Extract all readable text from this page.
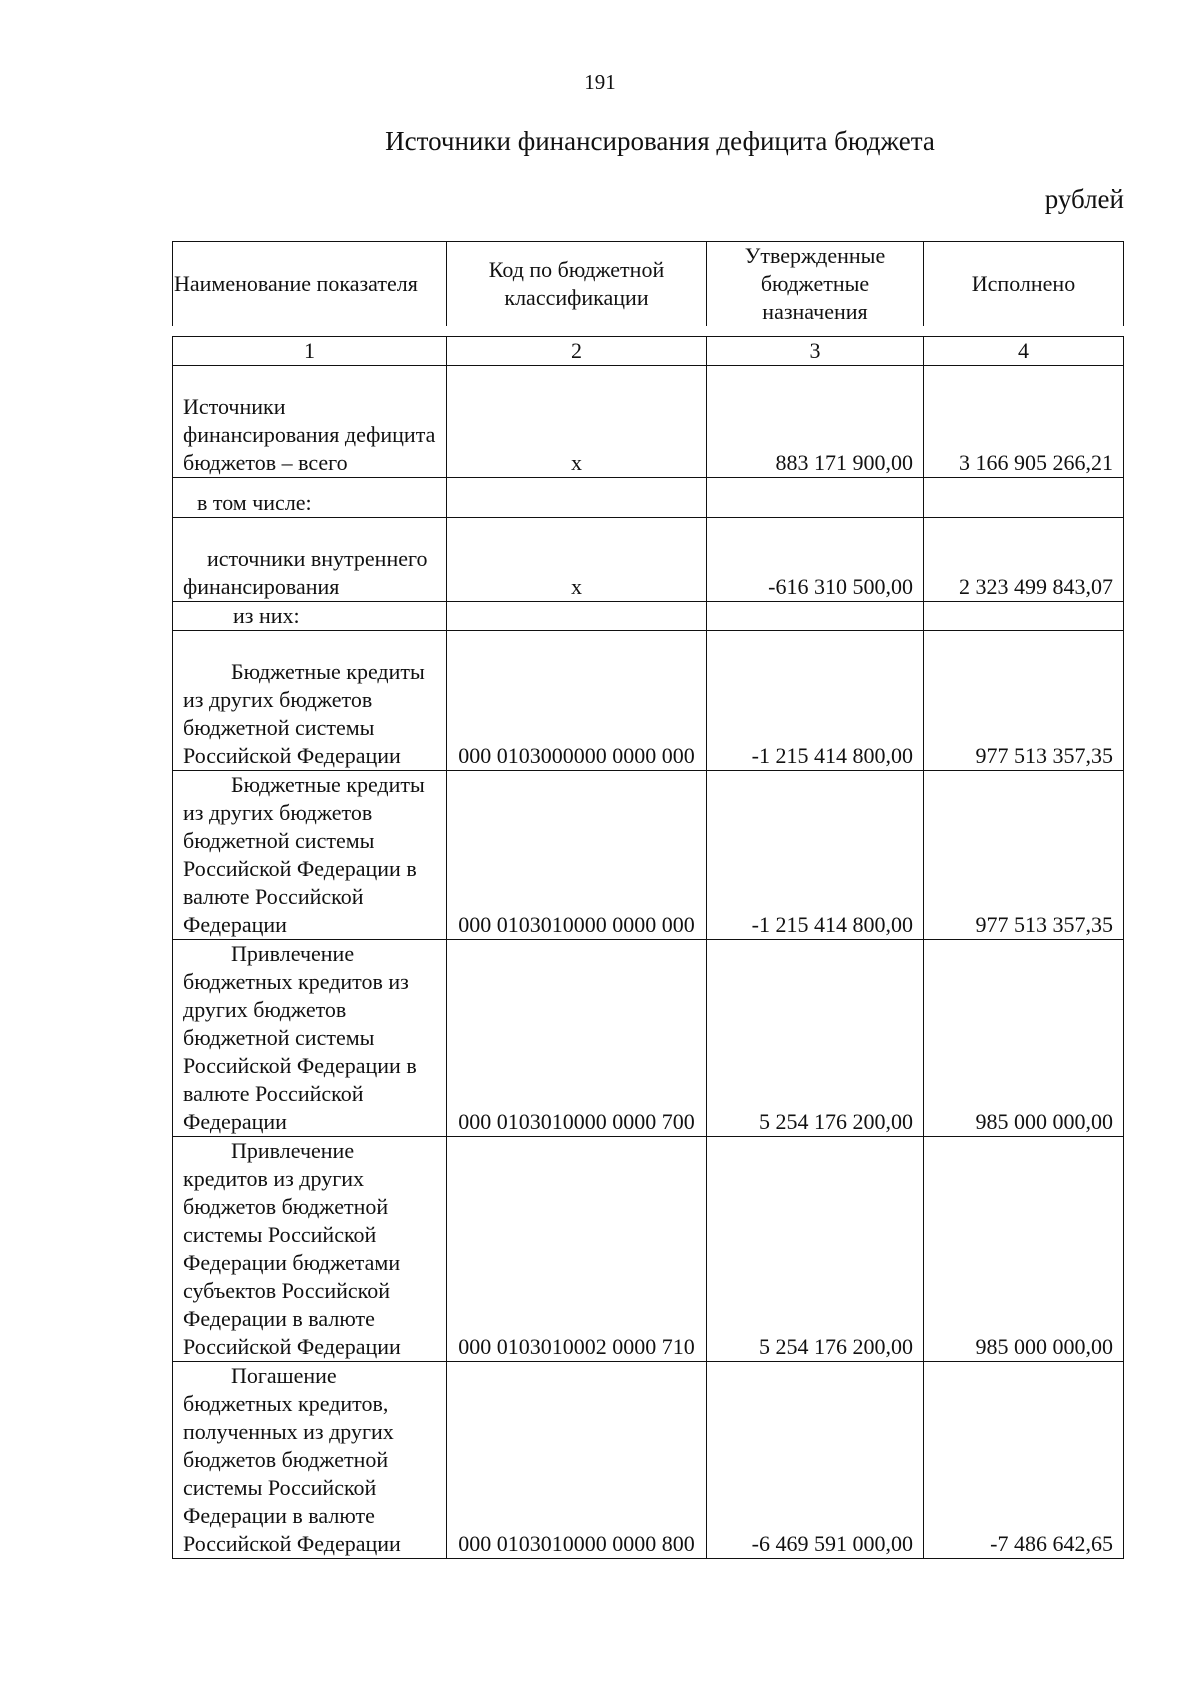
191
Источники финансирования дефицита бюджета
рублей
Наименование показателя	Код по бюджетной классификации	Утвержденные бюджетные назначения	Исполнено
1	2	3	4
Источники финансирования дефицита бюджетов – всего	x	883 171 900,00	3 166 905 266,21
в том числе:			
источники внутреннего финансирования	x	-616 310 500,00	2 323 499 843,07
из них:			
Бюджетные кредиты из других бюджетов бюджетной системы Российской Федерации	000 0103000000 0000 000	-1 215 414 800,00	977 513 357,35
Бюджетные кредиты из других бюджетов бюджетной системы Российской Федерации в валюте Российской Федерации	000 0103010000 0000 000	-1 215 414 800,00	977 513 357,35
Привлечение бюджетных кредитов из других бюджетов бюджетной системы Российской Федерации в валюте Российской Федерации	000 0103010000 0000 700	5 254 176 200,00	985 000 000,00
Привлечение кредитов из других бюджетов бюджетной системы Российской Федерации бюджетами субъектов Российской Федерации в валюте Российской Федерации	000 0103010002 0000 710	5 254 176 200,00	985 000 000,00
Погашение бюджетных кредитов, полученных из других бюджетов бюджетной системы Российской Федерации в валюте Российской Федерации	000 0103010000 0000 800	-6 469 591 000,00	-7 486 642,65
